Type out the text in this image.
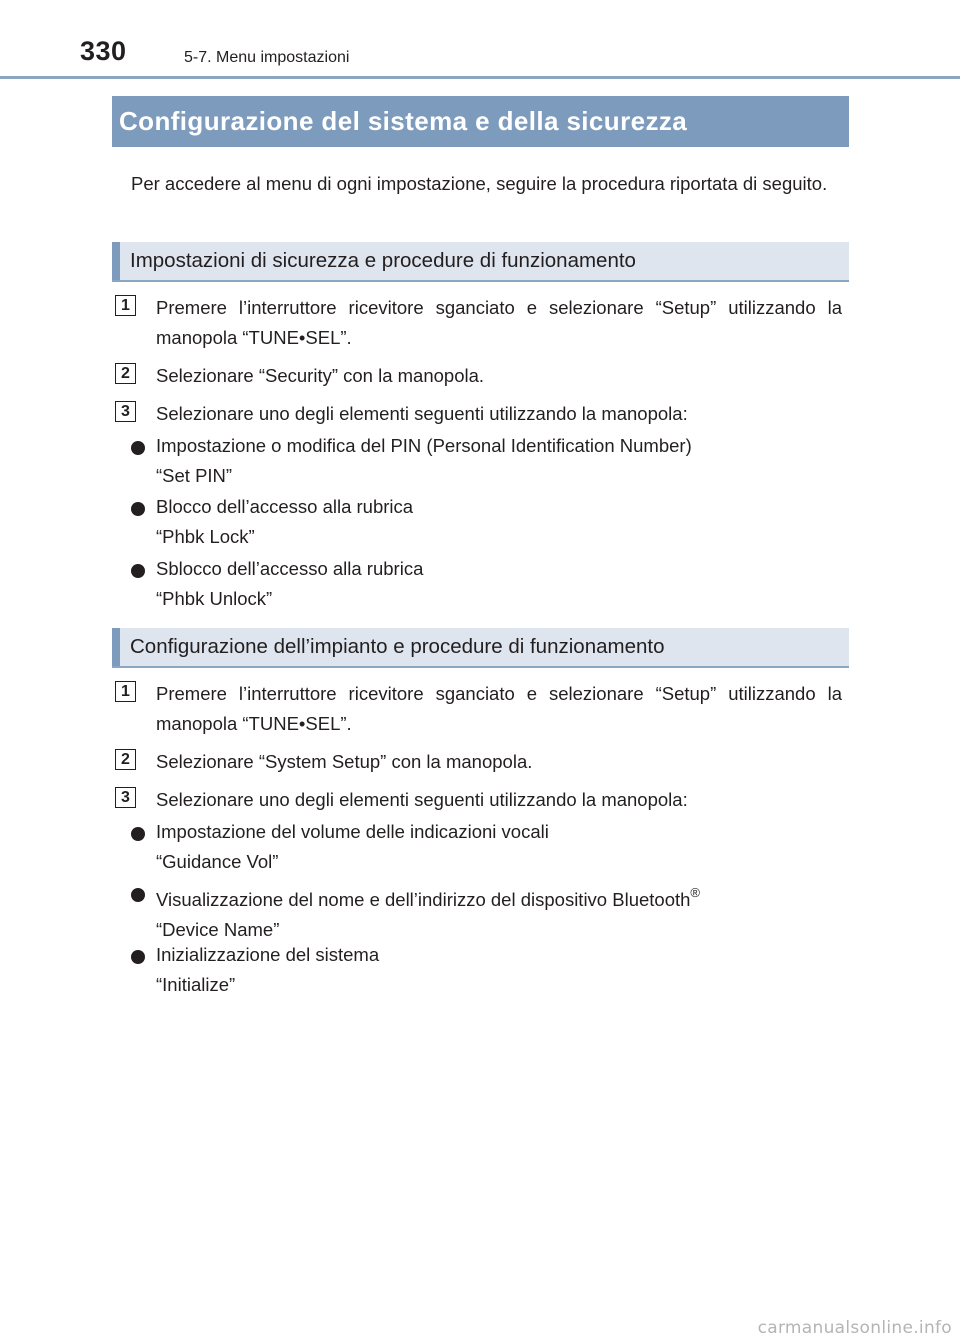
330	5-7. Menu impostazioni
Configurazione del sistema e della sicurezza
Per accedere al menu di ogni impostazione, seguire la procedura riportata di seguito.
Impostazioni di sicurezza e procedure di funzionamento
1	Premere l’interruttore ricevitore sganciato e selezionare “Setup” utilizzando la manopola “TUNE•SEL”.
2	Selezionare “Security” con la manopola.
3	Selezionare uno degli elementi seguenti utilizzando la manopola:
Impostazione o modifica del PIN (Personal Identification Number)
“Set PIN”
Blocco dell’accesso alla rubrica
“Phbk Lock”
Sblocco dell’accesso alla rubrica
“Phbk Unlock”
Configurazione dell’impianto e procedure di funzionamento
1	Premere l’interruttore ricevitore sganciato e selezionare “Setup” utilizzando la manopola “TUNE•SEL”.
2	Selezionare “System Setup” con la manopola.
3	Selezionare uno degli elementi seguenti utilizzando la manopola:
Impostazione del volume delle indicazioni vocali
“Guidance Vol”
Visualizzazione del nome e dell’indirizzo del dispositivo Bluetooth®
“Device Name”
Inizializzazione del sistema
“Initialize”
carmanualsonline.info
